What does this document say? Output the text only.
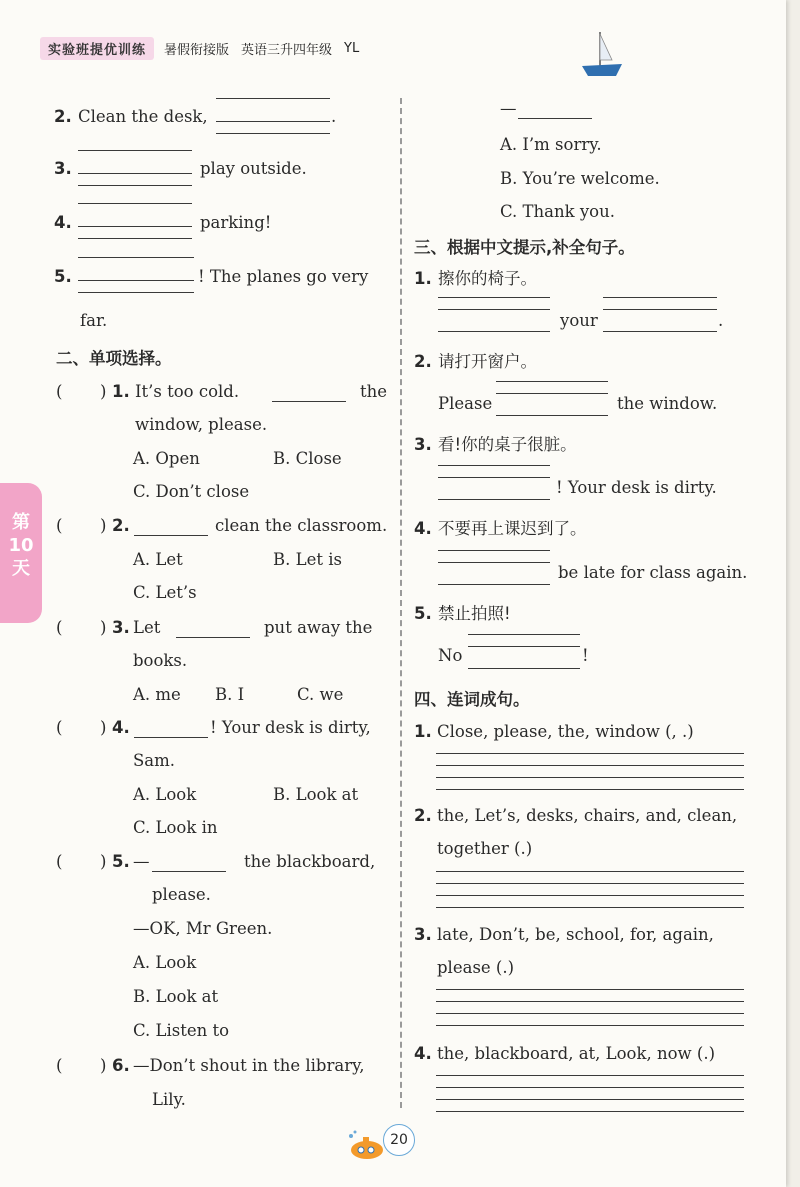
实验班提优训练	暑假衔接版 英语三升四年级 YL
第10天
2. Clean the desk,	.
3.	play outside.
4.	parking!
5.	! The planes go very
far.
二、单项选择。
( ) 1. It’s too cold.	the
window, please.
A. Open	B. Close
C. Don’t close
( ) 2.	clean the classroom.
A. Let	B. Let is
C. Let’s
( ) 3. Let	put away the
books.
A. me B. I	C. we
( ) 4.	! Your desk is dirty,
Sam.
A. Look	B. Look at
C. Look in
( ) 5. —	the blackboard,
please.
—OK, Mr Green.
A. Look
B. Look at
C. Listen to
( ) 6. —Don’t shout in the library,
Lily.
—
A. I’m sorry.
B. You’re welcome.
C. Thank you.
三、根据中文提示,补全句子。
1. 擦你的椅子。
your	.
2. 请打开窗户。
Please	the window.
3. 看!你的桌子很脏。
! Your desk is dirty.
4. 不要再上课迟到了。
be late for class again.
5. 禁止拍照!
No	!
四、连词成句。
1. Close, please, the, window (, .)
2. the, Let’s, desks, chairs, and, clean,
together (.)
3. late, Don’t, be, school, for, again,
please (.)
4. the, blackboard, at, Look, now (.)
20
